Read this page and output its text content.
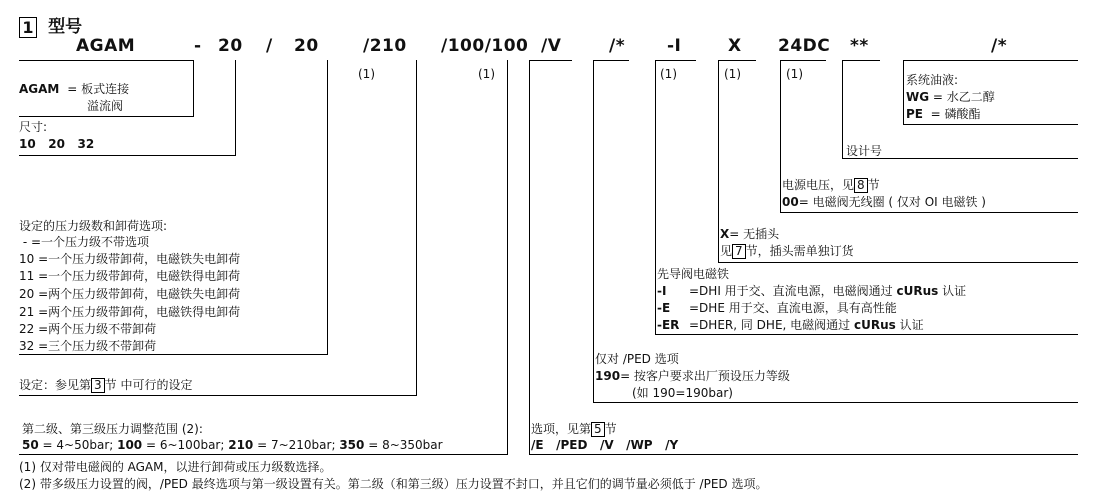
1 型号
AGAM	- 20 / 20	/210 /100/100 /V	/* -I	X 24DC **	/*
(1)	(1)	(1)	(1)	(1)
AGAM = 板式连接
溢流阀
尺寸:
10   20   32
设定的压力级数和卸荷选项:
- =一个压力级不带选项
10 =一个压力级带卸荷，电磁铁失电卸荷
11 =一个压力级带卸荷，电磁铁得电卸荷
20 =两个压力级带卸荷，电磁铁失电卸荷
21 =两个压力级带卸荷，电磁铁得电卸荷
22 =两个压力级不带卸荷
32 =三个压力级不带卸荷
设定：参见第 3 节 中可行的设定
第二级、第三级压力调整范围 (2):
50 = 4~50bar; 100 = 6~100bar; 210 = 7~210bar; 350 = 8~350bar
选项，见第 5 节
/E   /PED   /V   /WP   /Y
仅对 /PED 选项
190= 按客户要求出厂预设压力等级
(如 190=190bar)
先导阀电磁铁
-I =DHI 用于交、直流电源，电磁阀通过 cURus 认证
-E =DHE 用于交、直流电源，具有高性能
-ER =DHER, 同 DHE, 电磁阀通过 cURus 认证
X= 无插头
见 7 节，插头需单独订货
电源电压，见 8 节
00= 电磁阀无线圈 ( 仅对 OI 电磁铁 )
设计号
系统油液:
WG = 水乙二醇
PE  = 磷酸酯
(1) 仅对带电磁阀的 AGAM，以进行卸荷或压力级数选择。
(2) 带多级压力设置的阀，/PED 最终选项与第一级设置有关。第二级（和第三级）压力设置不封口，并且它们的调节量必须低于 /PED 选项。
